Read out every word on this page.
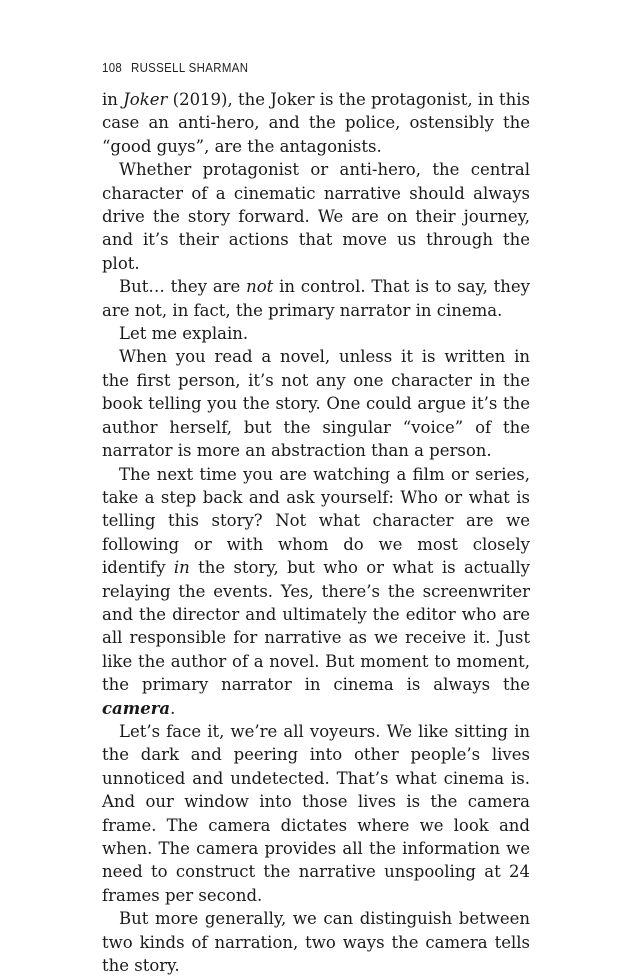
108 RUSSELL SHARMAN

in Joker (2019), the Joker is the protagonist, in this case an anti-hero, and the police, ostensibly the “good guys”, are the antagonists.

Whether protagonist or anti-hero, the central character of a cinematic narrative should always drive the story forward. We are on their journey, and it’s their actions that move us through the plot.

But… they are not in control. That is to say, they are not, in fact, the primary narrator in cinema.

Let me explain.

When you read a novel, unless it is written in the first person, it’s not any one character in the book telling you the story. One could argue it’s the author herself, but the singular “voice” of the narrator is more an abstraction than a person.

The next time you are watching a film or series, take a step back and ask yourself: Who or what is telling this story? Not what character are we following or with whom do we most closely identify in the story, but who or what is actually relaying the events. Yes, there’s the screenwriter and the director and ultimately the editor who are all responsible for narrative as we receive it. Just like the author of a novel. But moment to moment, the primary narrator in cinema is always the camera.

Let’s face it, we’re all voyeurs. We like sitting in the dark and peering into other people’s lives unnoticed and undetected. That’s what cinema is. And our window into those lives is the camera frame. The camera dictates where we look and when. The camera provides all the information we need to construct the narrative unspooling at 24 frames per second.

But more generally, we can distinguish between two kinds of narration, two ways the camera tells the story.
